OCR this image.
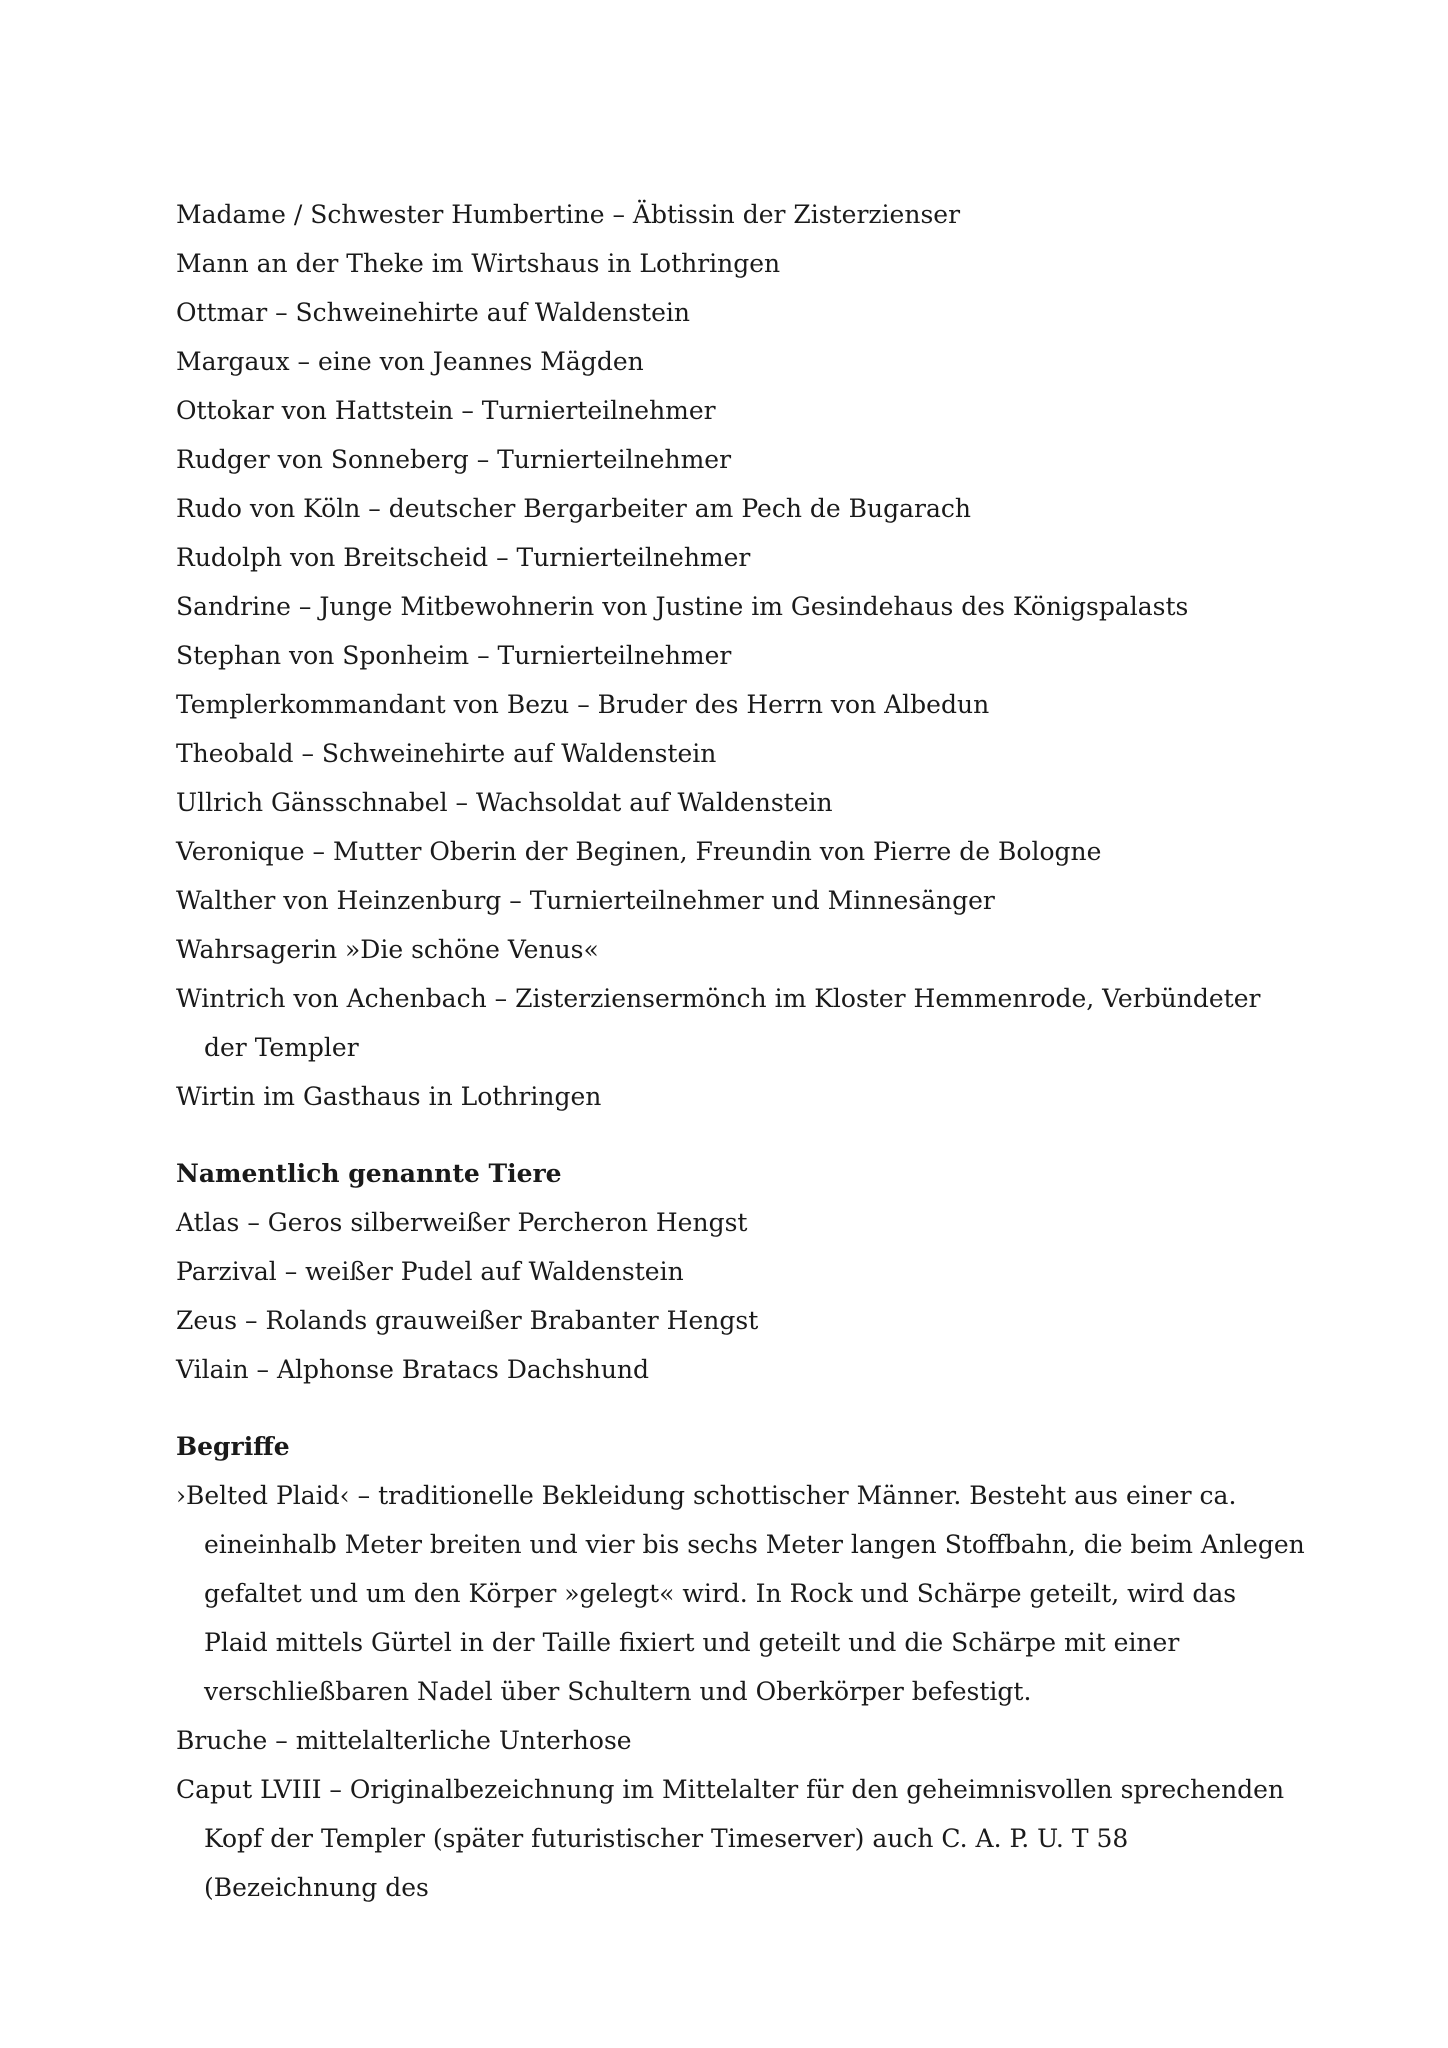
Madame / Schwester Humbertine – Äbtissin der Zisterzienser

Mann an der Theke im Wirtshaus in Lothringen

Ottmar – Schweinehirte auf Waldenstein

Margaux – eine von Jeannes Mägden

Ottokar von Hattstein – Turnierteilnehmer

Rudger von Sonneberg – Turnierteilnehmer

Rudo von Köln – deutscher Bergarbeiter am Pech de Bugarach

Rudolph von Breitscheid – Turnierteilnehmer

Sandrine – Junge Mitbewohnerin von Justine im Gesindehaus des Königspalasts

Stephan von Sponheim – Turnierteilnehmer

Templerkommandant von Bezu – Bruder des Herrn von Albedun

Theobald – Schweinehirte auf Waldenstein

Ullrich Gänsschnabel – Wachsoldat auf Waldenstein

Veronique – Mutter Oberin der Beginen, Freundin von Pierre de Bologne

Walther von Heinzenburg – Turnierteilnehmer und Minnesänger

Wahrsagerin »Die schöne Venus«

Wintrich von Achenbach – Zisterziensermönch im Kloster Hemmenrode, Verbündeter der Templer

Wirtin im Gasthaus in Lothringen

Namentlich genannte Tiere

Atlas – Geros silberweißer Percheron Hengst

Parzival – weißer Pudel auf Waldenstein

Zeus – Rolands grauweißer Brabanter Hengst

Vilain – Alphonse Bratacs Dachshund

Begriffe

›Belted Plaid‹ – traditionelle Bekleidung schottischer Männer. Besteht aus einer ca. eineinhalb Meter breiten und vier bis sechs Meter langen Stoffbahn, die beim Anlegen gefaltet und um den Körper »gelegt« wird. In Rock und Schärpe geteilt, wird das Plaid mittels Gürtel in der Taille fixiert und geteilt und die Schärpe mit einer verschließbaren Nadel über Schultern und Oberkörper befestigt.

Bruche – mittelalterliche Unterhose

Caput LVIII – Originalbezeichnung im Mittelalter für den geheimnisvollen sprechenden Kopf der Templer (später futuristischer Timeserver) auch C. A. P. U. T 58 (Bezeichnung des
